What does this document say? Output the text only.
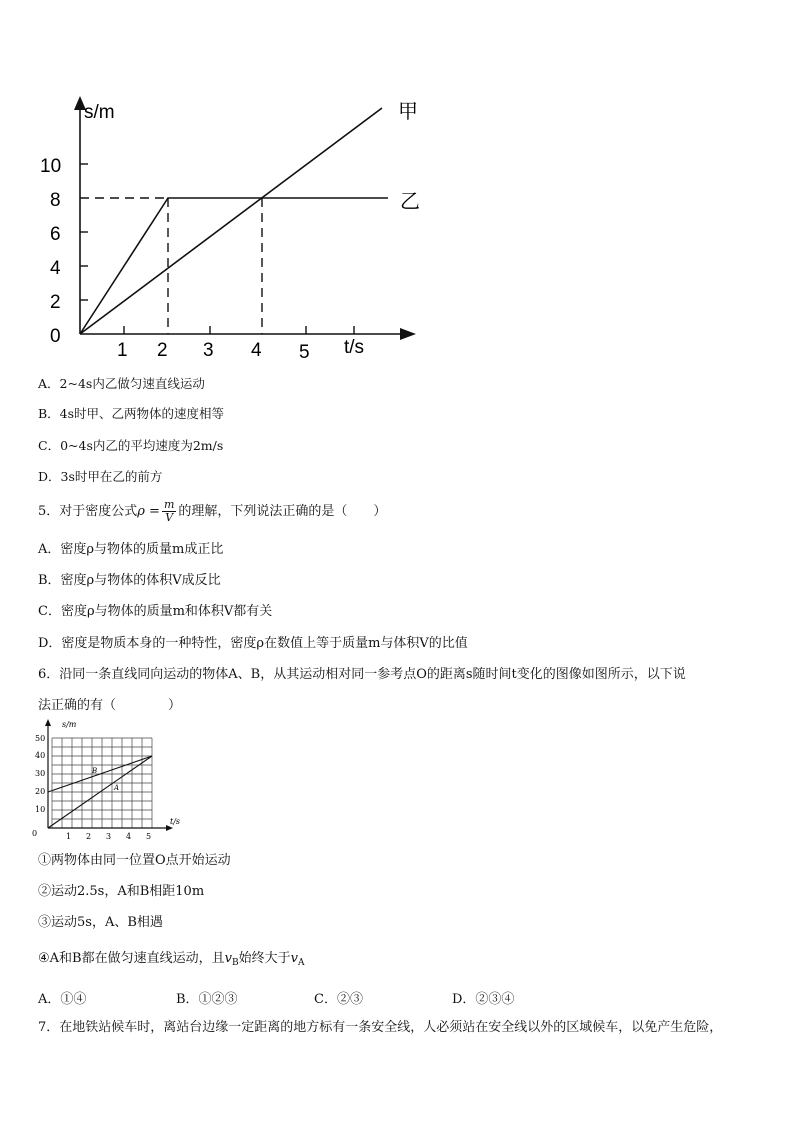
s/m
t/s
0
2
4
6
8
10
1 2 3 4 5
甲
乙
A．2~4s内乙做匀速直线运动
B．4s时甲、乙两物体的速度相等
C．0~4s内乙的平均速度为2m/s
D．3s时甲在乙的前方
5．对于密度公式$\rho = \frac{m}{V}$ 的理解，下列说法正确的是（　　）
A．密度ρ与物体的质量m成正比
B．密度ρ与物体的体积V成反比
C．密度ρ与物体的质量m和体积V都有关
D．密度是物质本身的一种特性，密度ρ在数值上等于质量m与体积V的比值
6．沿同一条直线同向运动的物体A、B，从其运动相对同一参考点O的距离s随时间t变化的图像如图所示，以下说
法正确的有（　　　　）
s/m
t/s
0
10
20
30
40
50
1 2 3 4 5
B
A
①两物体由同一位置O点开始运动
②运动2.5s，A和B相距10m
③运动5s，A、B相遇
④A和B都在做匀速直线运动，且$v_B$始终大于$v_A$
A．①④	B．①②③	C．②③	D．②③④
7．在地铁站候车时，离站台边缘一定距离的地方标有一条安全线，人必须站在安全线以外的区域候车，以免产生危险，
